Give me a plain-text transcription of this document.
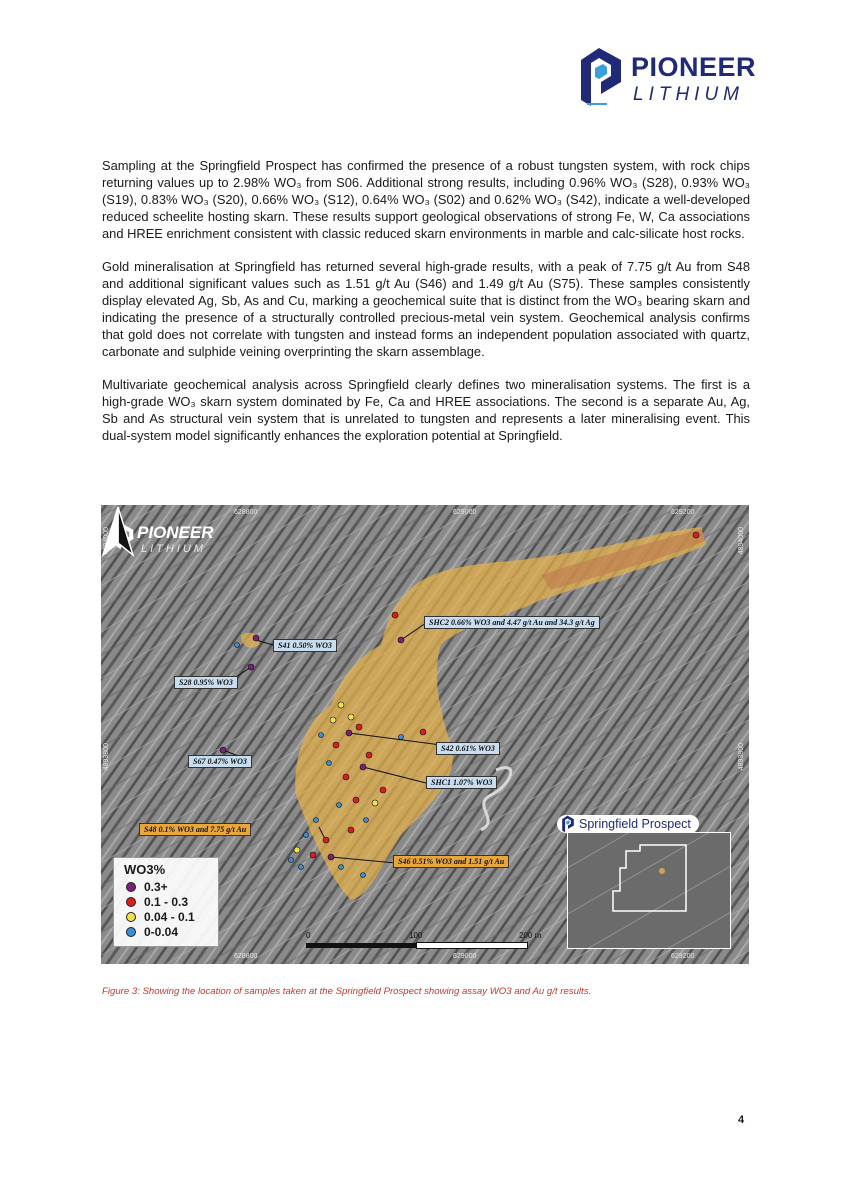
PIONEER
LITHIUM

Sampling at the Springfield Prospect has confirmed the presence of a robust tungsten system, with rock chips returning values up to 2.98% WO₃ from S06. Additional strong results, including 0.96% WO₃ (S28), 0.93% WO₃ (S19), 0.83% WO₃ (S20), 0.66% WO₃ (S12), 0.64% WO₃ (S02) and 0.62% WO₃ (S42), indicate a well-developed reduced scheelite hosting skarn. These results support geological observations of strong Fe, W, Ca associations and HREE enrichment consistent with classic reduced skarn environments in marble and calc-silicate host rocks.

Gold mineralisation at Springfield has returned several high-grade results, with a peak of 7.75 g/t Au from S48 and additional significant values such as 1.51 g/t Au (S46) and 1.49 g/t Au (S75). These samples consistently display elevated Ag, Sb, As and Cu, marking a geochemical suite that is distinct from the WO₃ bearing skarn and indicating the presence of a structurally controlled precious-metal vein system. Geochemical analysis confirms that gold does not correlate with tungsten and instead forms an independent population associated with quartz, carbonate and sulphide veining overprinting the skarn assemblage.

Multivariate geochemical analysis across Springfield clearly defines two mineralisation systems. The first is a high-grade WO₃ skarn system dominated by Fe, Ca and HREE associations. The second is a separate Au, Ag, Sb and As structural vein system that is unrelated to tungsten and represents a later mineralising event. This dual-system model significantly enhances the exploration potential at Springfield.

628800	629000	629200
628800	629000	629200
4894000
4893800
4894000
4893800
PIONEER
LITHIUM
SHC2 0.66% WO3 and 4.47 g/t Au and 34.3 g/t Ag
S41 0.50% WO3
S28 0.95% WO3
S42 0.61% WO3
S67 0.47% WO3
SHC1 1.07% WO3
S48 0.1% WO3 and 7.75 g/t Au
S46 0.51% WO3 and 1.51 g/t Au
WO3%
0.3+
0.1 - 0.3
0.04 - 0.1
0-0.04	0	100	200 m
Springfield Prospect
Figure 3: Showing the location of samples taken at the Springfield Prospect showing assay WO3 and Au g/t results.
4
